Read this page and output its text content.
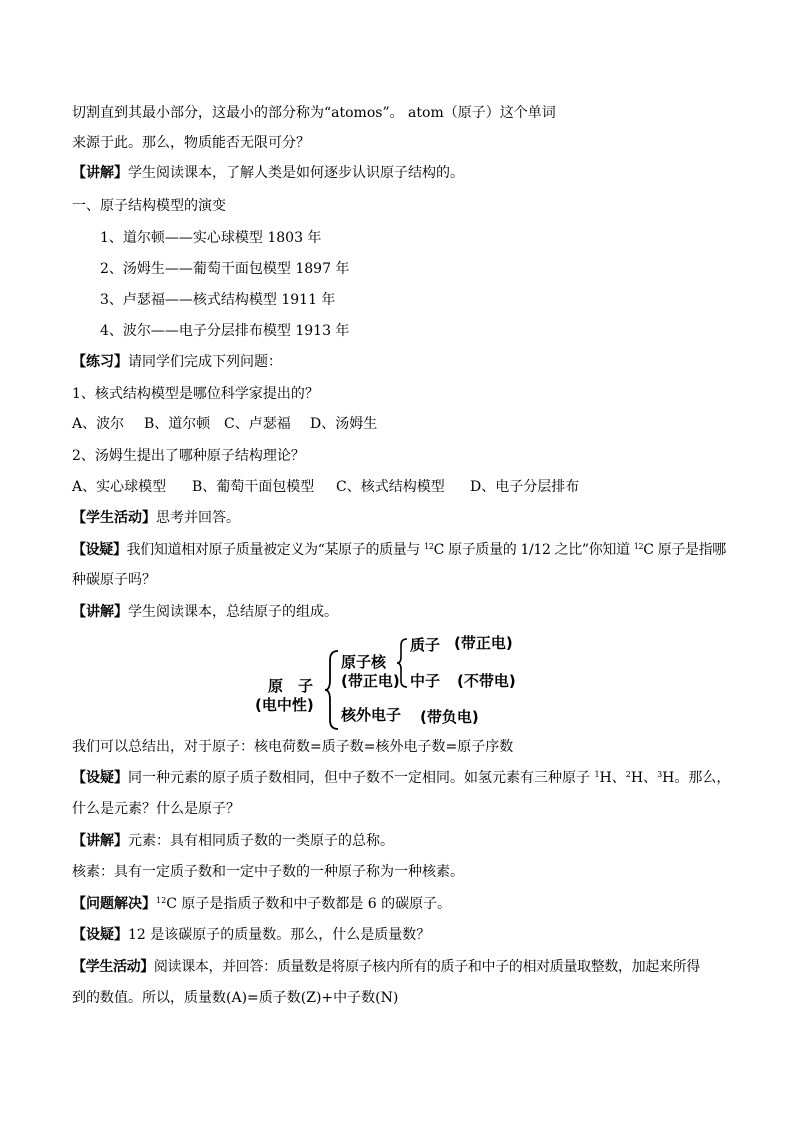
切割直到其最小部分，这最小的部分称为“atomos”。 atom（原子）这个单词
来源于此。那么，物质能否无限可分？
【讲解】学生阅读课本，了解人类是如何逐步认识原子结构的。
一、原子结构模型的演变
1、道尔顿——实心球模型 1803 年
2、汤姆生——葡萄干面包模型 1897 年
3、卢瑟福——核式结构模型 1911 年
4、波尔——电子分层排布模型 1913 年
【练习】请同学们完成下列问题：
1、核式结构模型是哪位科学家提出的？
A、波尔 B、道尔顿 C、卢瑟福 D、汤姆生
2、汤姆生提出了哪种原子结构理论？
A、实心球模型 B、葡萄干面包模型 C、核式结构模型 D、电子分层排布
【学生活动】思考并回答。
【设疑】我们知道相对原子质量被定义为“某原子的质量与 $^{12}$C 原子质量的 1/12 之比”你知道 $^{12}$C 原子是指哪
种碳原子吗？
【讲解】学生阅读课本，总结原子的组成。
原　子
(电中性)
原子核
(带正电)
质子 (带正电)
中子 (不带电)
核外电子 (带负电)
我们可以总结出，对于原子：核电荷数=质子数=核外电子数=原子序数
【设疑】同一种元素的原子质子数相同，但中子数不一定相同。如氢元素有三种原子 $^1$H、$^2$H、$^3$H。那么，
什么是元素？什么是原子？
【讲解】元素：具有相同质子数的一类原子的总称。
核素：具有一定质子数和一定中子数的一种原子称为一种核素。
【问题解决】$^{12}$C 原子是指质子数和中子数都是 6 的碳原子。
【设疑】12 是该碳原子的质量数。那么，什么是质量数？
【学生活动】阅读课本，并回答：质量数是将原子核内所有的质子和中子的相对质量取整数，加起来所得
到的数值。所以，质量数(A)=质子数(Z)+中子数(N)
